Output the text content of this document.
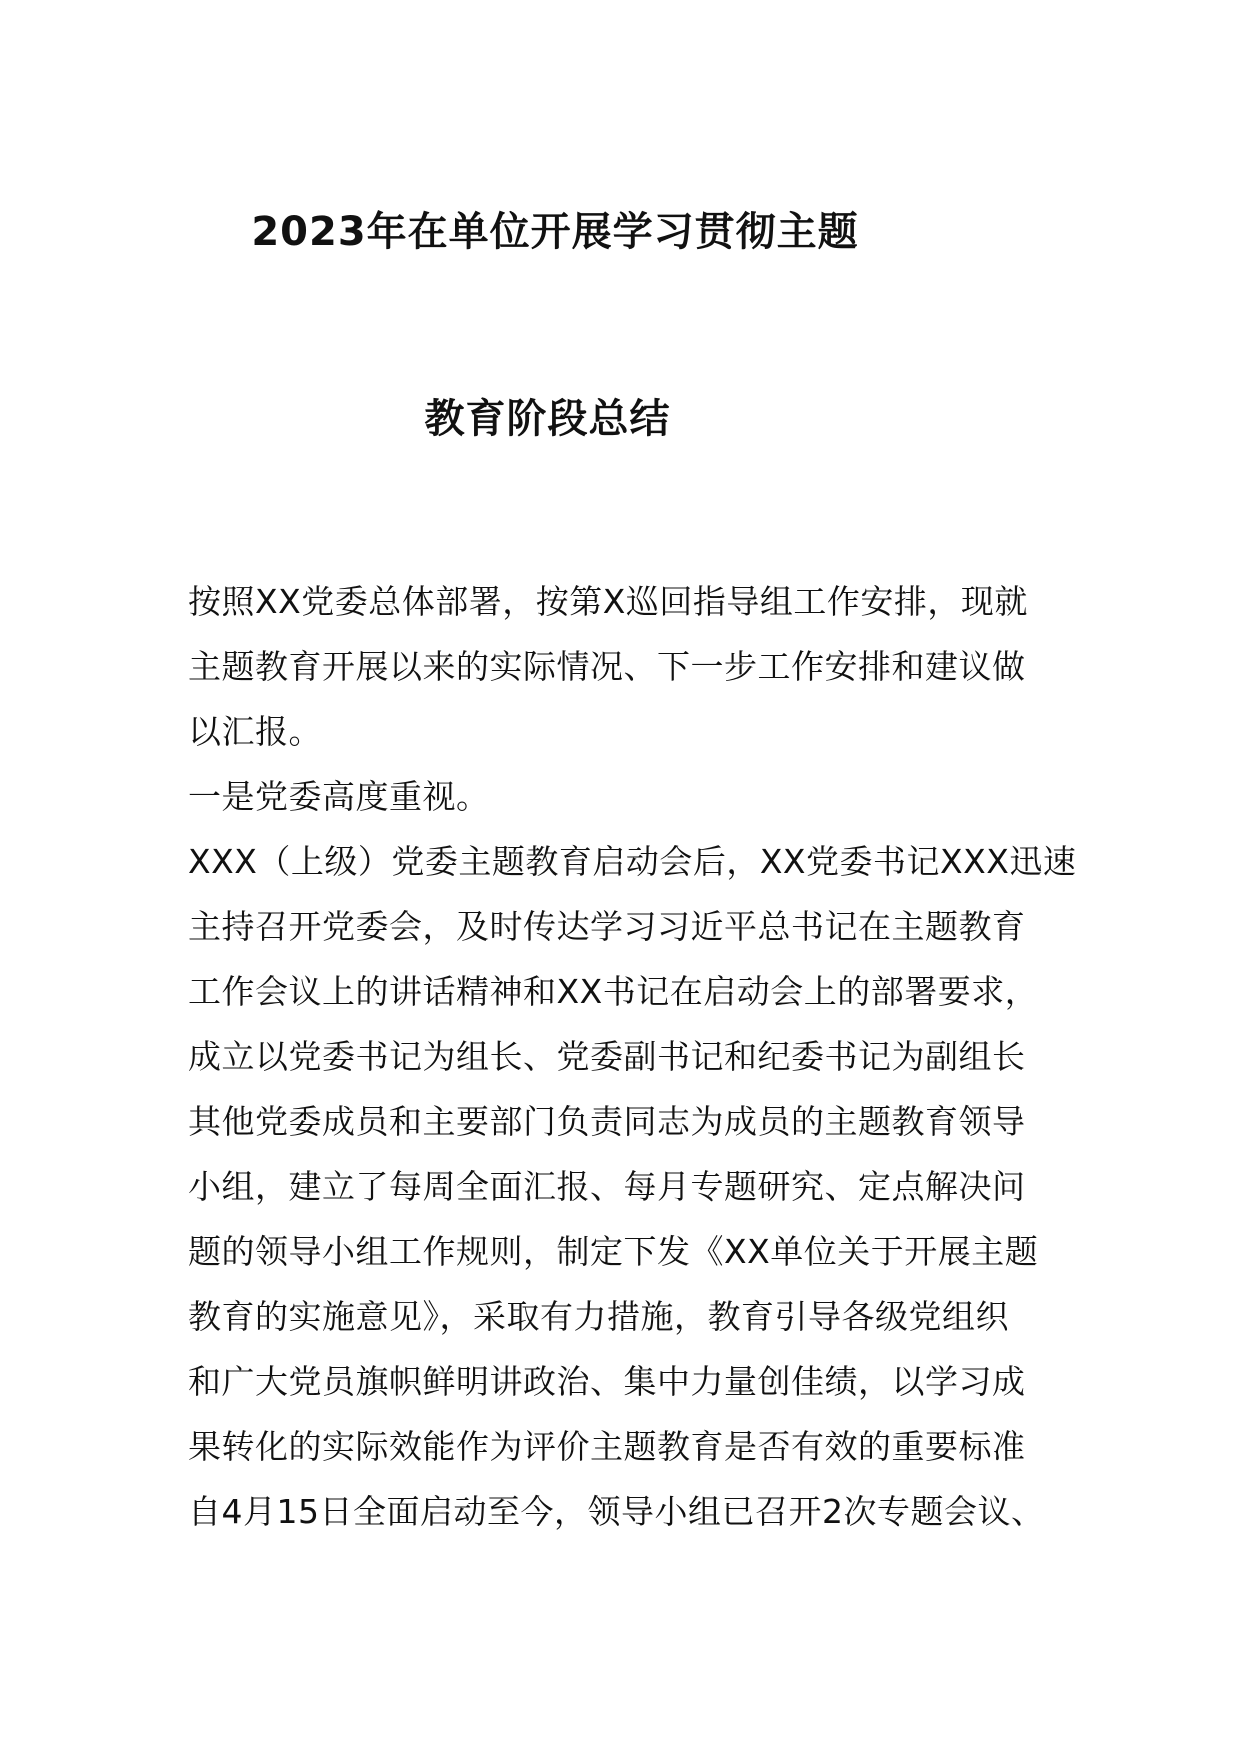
2023年在单位开展学习贯彻主题
教育阶段总结
按照XX党委总体部署，按第X巡回指导组工作安排，现就
主题教育开展以来的实际情况、下一步工作安排和建议做
以汇报。
一是党委高度重视。
XXX（上级）党委主题教育启动会后，XX党委书记XXX迅速
主持召开党委会，及时传达学习习近平总书记在主题教育
工作会议上的讲话精神和XX书记在启动会上的部署要求，
成立以党委书记为组长、党委副书记和纪委书记为副组长
其他党委成员和主要部门负责同志为成员的主题教育领导
小组，建立了每周全面汇报、每月专题研究、定点解决问
题的领导小组工作规则，制定下发《XX单位关于开展主题
教育的实施意见》，采取有力措施，教育引导各级党组织
和广大党员旗帜鲜明讲政治、集中力量创佳绩，以学习成
果转化的实际效能作为评价主题教育是否有效的重要标准
自4月15日全面启动至今，领导小组已召开2次专题会议、
